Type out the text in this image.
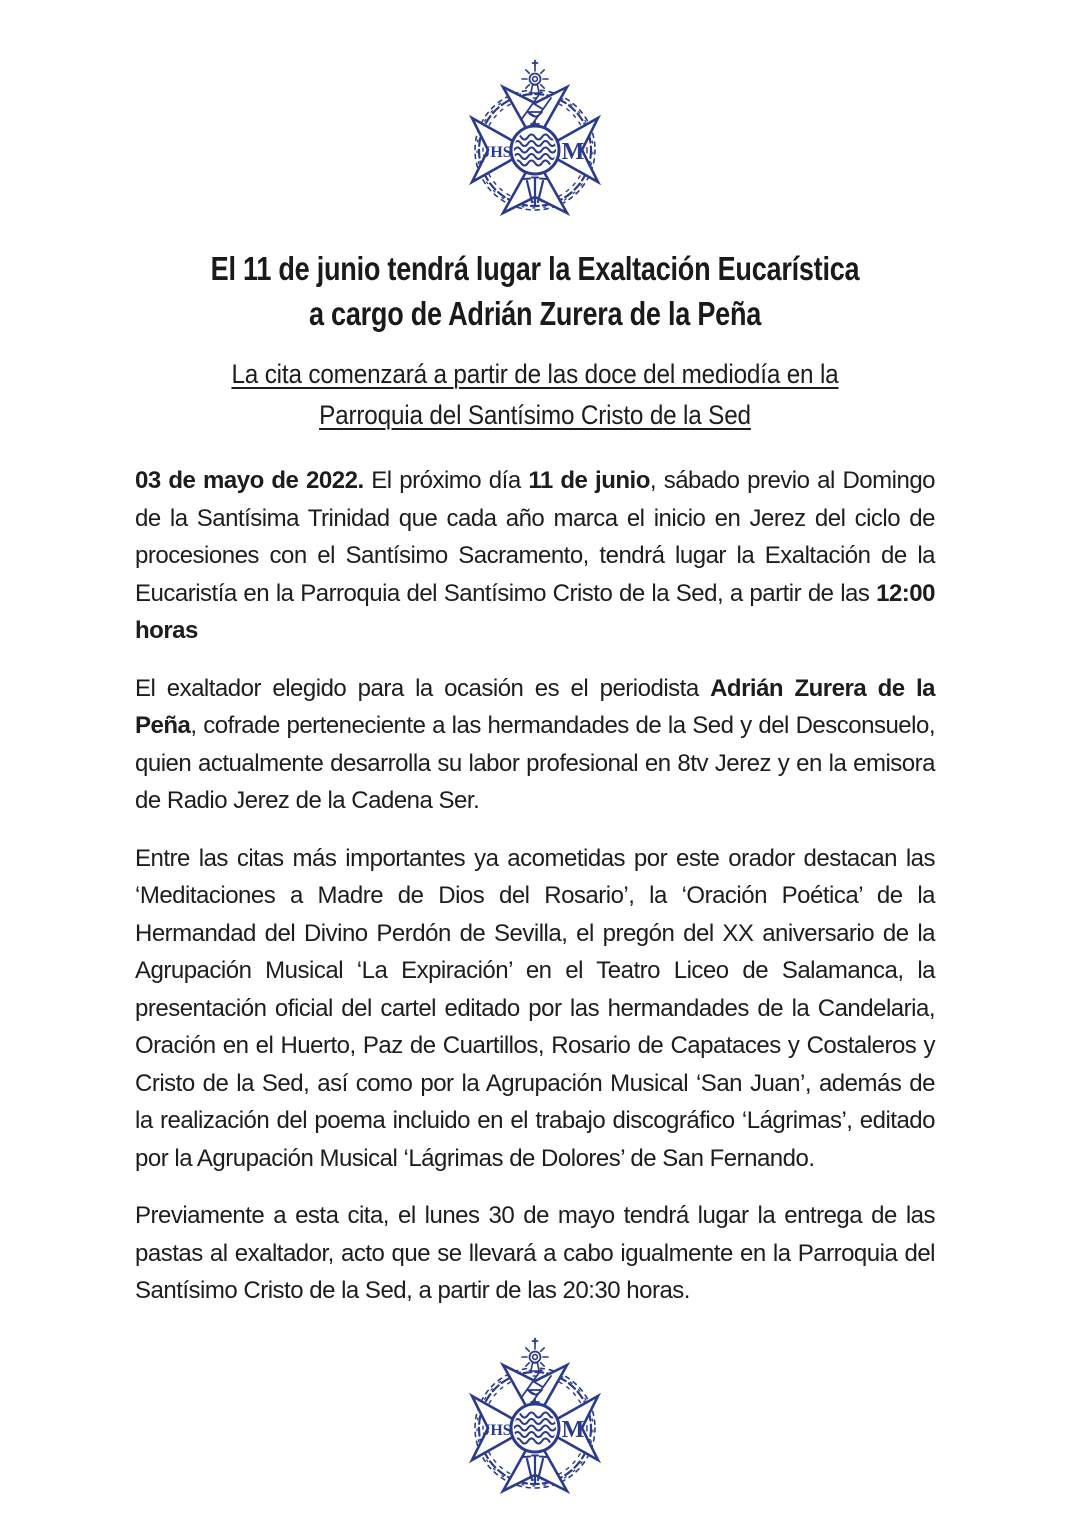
El 11 de junio tendrá lugar la Exaltación Eucarística
a cargo de Adrián Zurera de la Peña
La cita comenzará a partir de las doce del mediodía en la
Parroquia del Santísimo Cristo de la Sed

03 de mayo de 2022. El próximo día 11 de junio, sábado previo al Domingo de la Santísima Trinidad que cada año marca el inicio en Jerez del ciclo de procesiones con el Santísimo Sacramento, tendrá lugar la Exaltación de la Eucaristía en la Parroquia del Santísimo Cristo de la Sed, a partir de las 12:00 horas

El exaltador elegido para la ocasión es el periodista Adrián Zurera de la Peña, cofrade perteneciente a las hermandades de la Sed y del Desconsuelo, quien actualmente desarrolla su labor profesional en 8tv Jerez y en la emisora de Radio Jerez de la Cadena Ser.

Entre las citas más importantes ya acometidas por este orador destacan las ‘Meditaciones a Madre de Dios del Rosario’, la ‘Oración Poética’ de la Hermandad del Divino Perdón de Sevilla, el pregón del XX aniversario de la Agrupación Musical ‘La Expiración’ en el Teatro Liceo de Salamanca, la presentación oficial del cartel editado por las hermandades de la Candelaria, Oración en el Huerto, Paz de Cuartillos, Rosario de Capataces y Costaleros y Cristo de la Sed, así como por la Agrupación Musical ‘San Juan’, además de la realización del poema incluido en el trabajo discográfico ‘Lágrimas’, editado por la Agrupación Musical ‘Lágrimas de Dolores’ de San Fernando.

Previamente a esta cita, el lunes 30 de mayo tendrá lugar la entrega de las pastas al exaltador, acto que se llevará a cabo igualmente en la Parroquia del Santísimo Cristo de la Sed, a partir de las 20:30 horas.
